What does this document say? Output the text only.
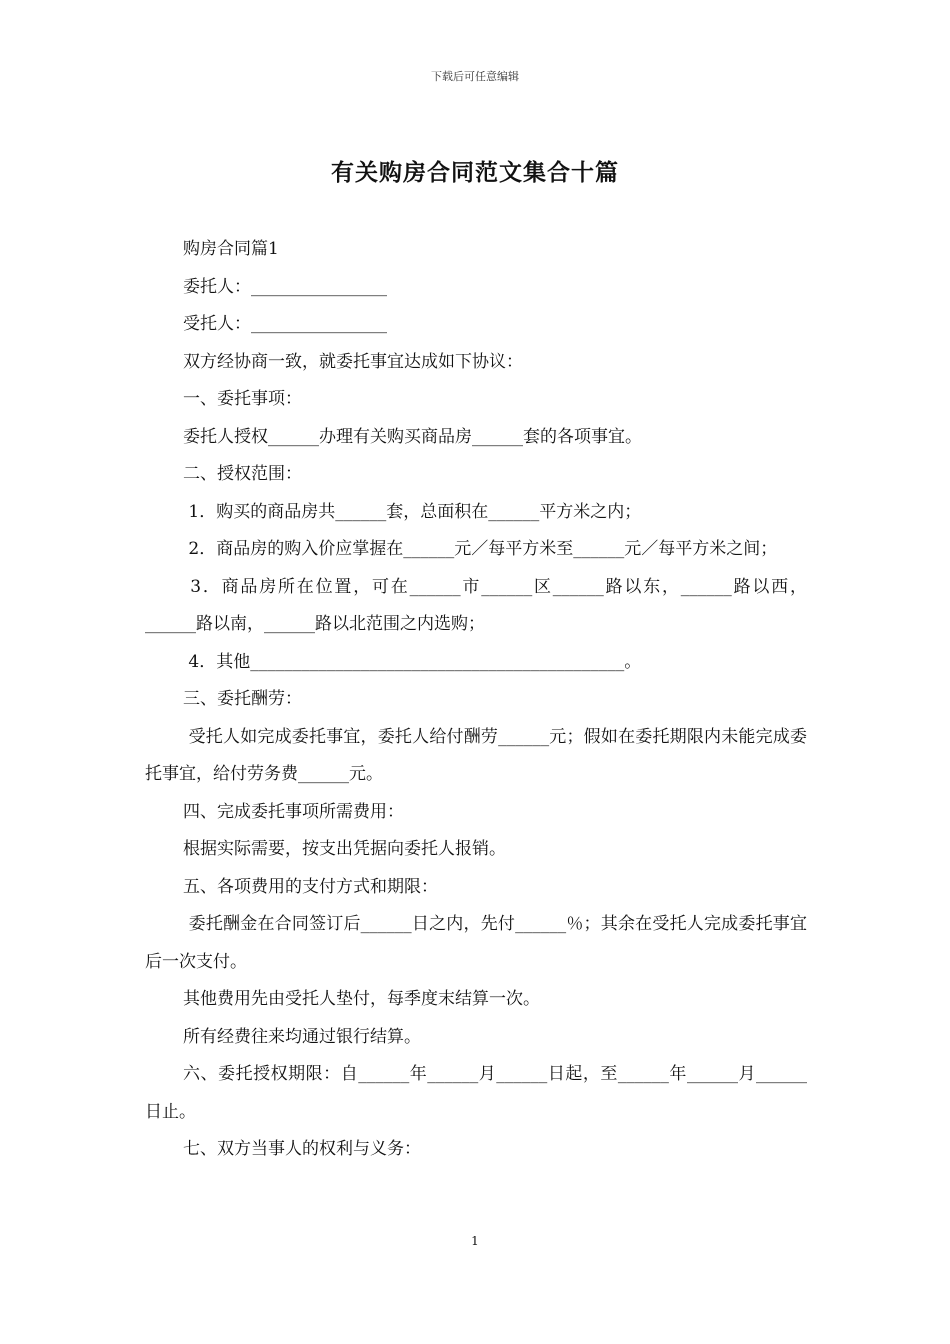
下载后可任意编辑
有关购房合同范文集合十篇

购房合同篇1

委托人：________________

受托人：________________

双方经协商一致，就委托事宜达成如下协议：

一、委托事项：

委托人授权______办理有关购买商品房______套的各项事宜。

二、授权范围：

1．购买的商品房共______套，总面积在______平方米之内；

2．商品房的购入价应掌握在______元／每平方米至______元／每平方米之间；

3．商品房所在位置，可在______市______区______路以东，______路以西，______路以南，______路以北范围之内选购；

4．其他____________________________________________。

三、委托酬劳：

受托人如完成委托事宜，委托人给付酬劳______元；假如在委托期限内未能完成委托事宜，给付劳务费______元。

四、完成委托事项所需费用：

根据实际需要，按支出凭据向委托人报销。

五、各项费用的支付方式和期限：

委托酬金在合同签订后______日之内，先付______％；其余在受托人完成委托事宜后一次支付。

其他费用先由受托人垫付，每季度末结算一次。

所有经费往来均通过银行结算。

六、委托授权期限：自______年______月______日起，至______年______月______日止。

七、双方当事人的权利与义务：

1
